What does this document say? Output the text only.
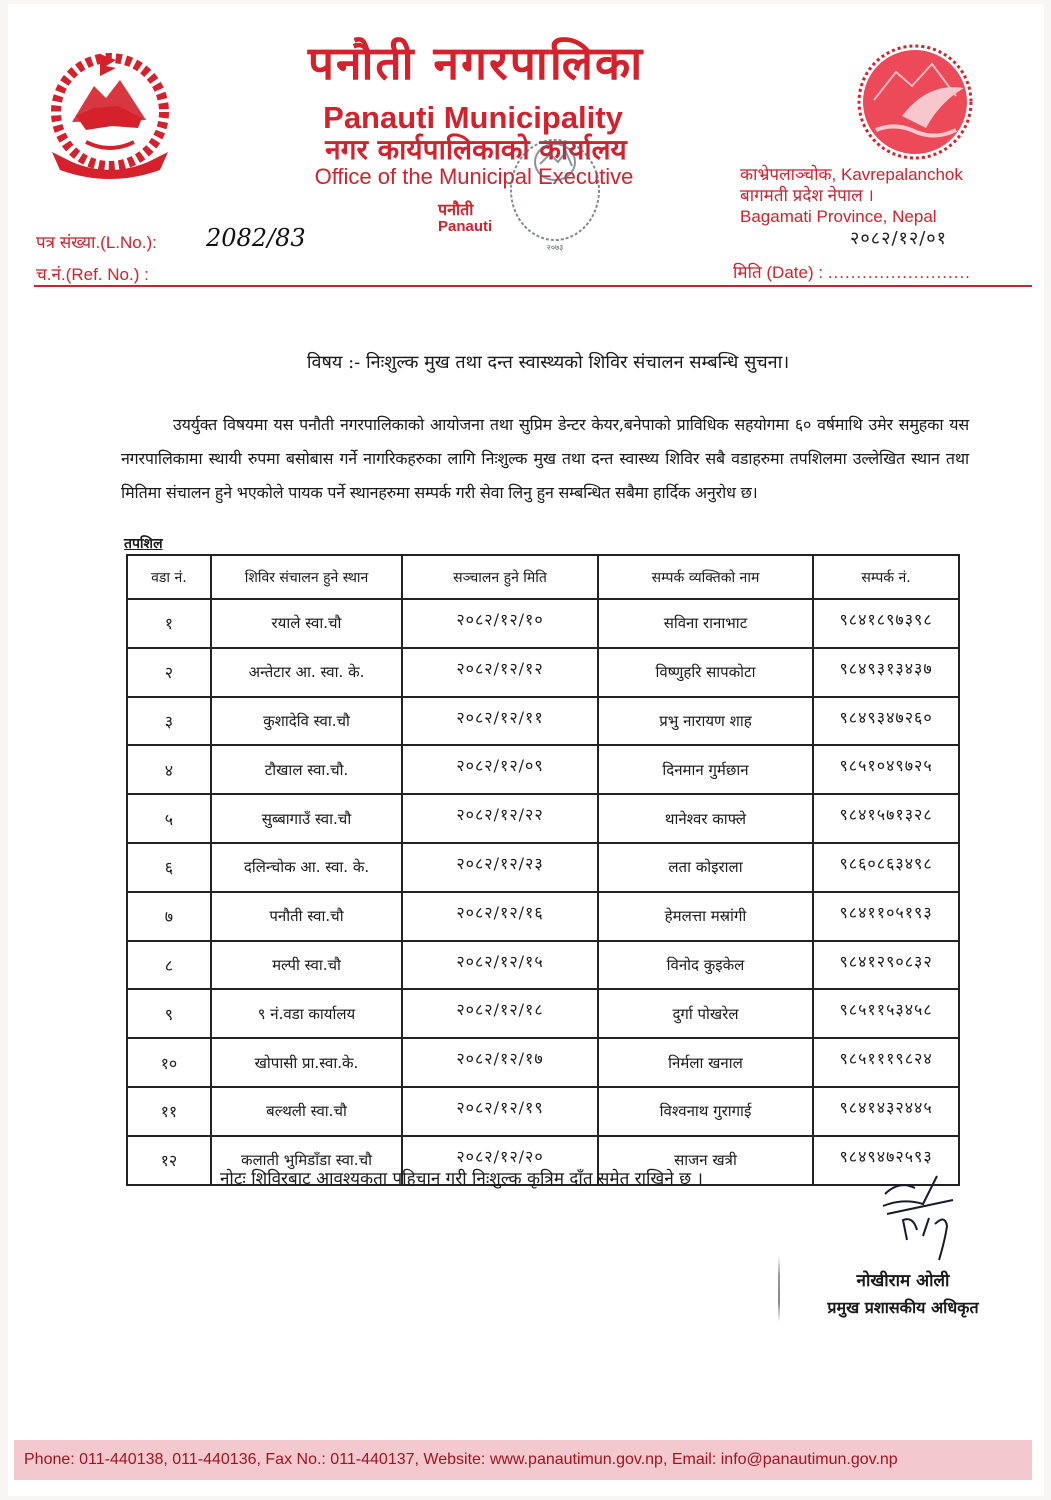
पनौती नगरपालिका
Panauti Municipality
नगर कार्यपालिकाको कार्यालय
Office of the Municipal Executive
पनौती
Panauti
२०७३
काभ्रेपलाञ्चोक, Kavrepalanchok
बागमती प्रदेश नेपाल ।
Bagamati Province, Nepal
२०८२/१२/०१
पत्र संख्या.(L.No.): 2082/83
च.नं.(Ref. No.) :	मिति (Date) : .........................
विषय :- निःशुल्क मुख तथा दन्त स्वास्थ्यको शिविर संचालन सम्बन्धि सुचना।
उयर्युक्त विषयमा यस पनौती नगरपालिकाको आयोजना तथा सुप्रिम डेन्टर केयर,बनेपाको प्राविधिक सहयोगमा ६० वर्षमाथि उमेर समुहका यस नगरपालिकामा स्थायी रुपमा बसोबास गर्ने नागरिकहरुका लागि निःशुल्क मुख तथा दन्त स्वास्थ्य शिविर सबै वडाहरुमा तपशिलमा उल्लेखित स्थान तथा मितिमा संचालन हुने भएकोले पायक पर्ने स्थानहरुमा सम्पर्क गरी सेवा लिनु हुन सम्बन्धित सबैमा हार्दिक अनुरोध छ।
तपशिल
वडा नं.	शिविर संचालन हुने स्थान	सञ्चालन हुने मिति	सम्पर्क व्यक्तिको नाम	सम्पर्क नं.
१	रयाले स्वा.चौ	२०८२/१२/१०	सविना रानाभाट	९८४१८९७३९८
२	अन्तेटार आ. स्वा. के.	२०८२/१२/१२	विष्णुहरि सापकोटा	९८४९३१३४३७
३	कुशादेवि स्वा.चौ	२०८२/१२/११	प्रभु नारायण शाह	९८४९३४७२६०
४	टौखाल स्वा.चौ.	२०८२/१२/०९	दिनमान गुर्मछान	९८५१०४९७२५
५	सुब्बागाउँ स्वा.चौ	२०८२/१२/२२	थानेश्वर काफ्ले	९८४१५७१३२८
६	दलिन्चोक आ. स्वा. के.	२०८२/१२/२३	लता कोइराला	९८६०८६३४९८
७	पनौती स्वा.चौ	२०८२/१२/१६	हेमलत्ता मस्रांगी	९८४११०५१९३
८	मल्पी स्वा.चौ	२०८२/१२/१५	विनोद कुइकेल	९८४१२९०८३२
९	९ नं.वडा कार्यालय	२०८२/१२/१८	दुर्गा पोखरेल	९८५११५३४५८
१०	खोपासी प्रा.स्वा.के.	२०८२/१२/१७	निर्मला खनाल	९८५१११९८२४
११	बल्थली स्वा.चौ	२०८२/१२/१९	विश्वनाथ गुरागाई	९८४१४३२४४५
१२	कलाती भुमिडाँडा स्वा.चौ	२०८२/१२/२०	साजन खत्री	९८४९४७२५९३
नोटः शिविरबाट आवश्यकता पहिचान गरी निःशुल्क कृत्रिम दाँत समेत राखिने छ ।
नोखीराम ओली
प्रमुख प्रशासकीय अधिकृत
Phone: 011-440138, 011-440136, Fax No.: 011-440137, Website: www.panautimun.gov.np, Email: info@panautimun.gov.np
